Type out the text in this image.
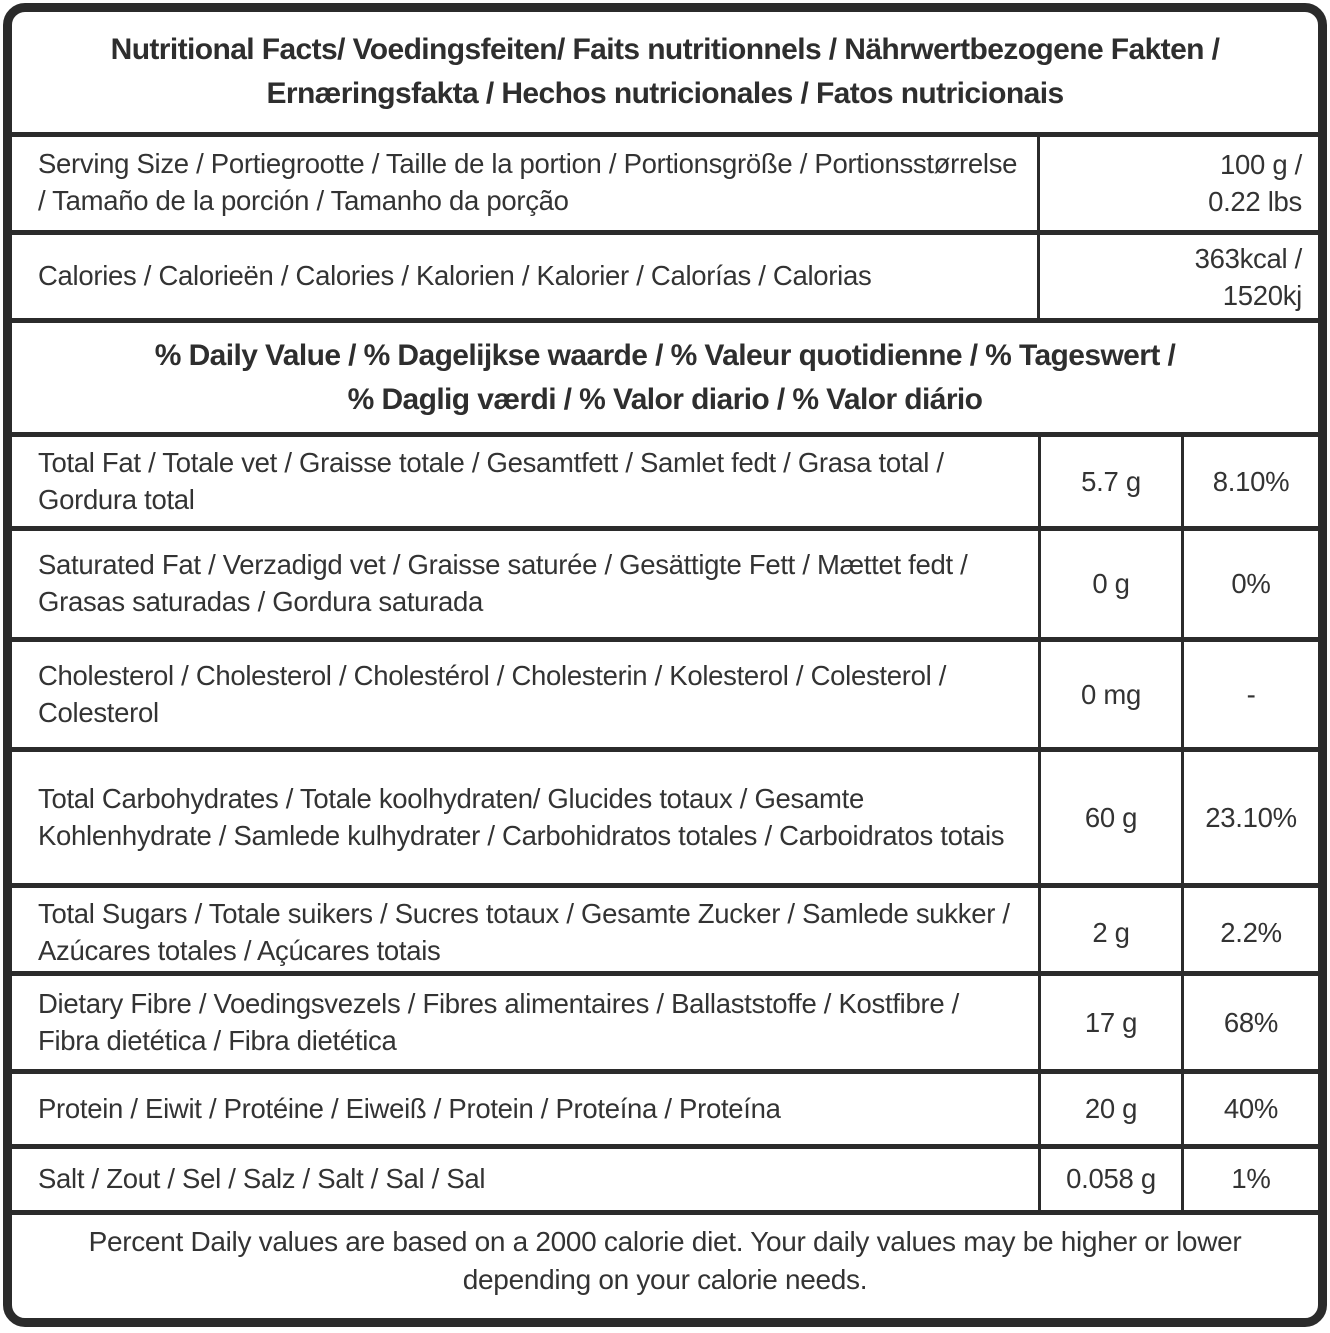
Nutritional Facts/ Voedingsfeiten/ Faits nutritionnels / Nährwertbezogene Fakten /
Ernæringsfakta / Hechos nutricionales / Fatos nutricionais
Serving Size / Portiegrootte / Taille de la portion / Portionsgröße / Portionsstørrelse / Tamaño de la porción / Tamanho da porção
100 g /
0.22 lbs
Calories / Calorieën / Calories / Kalorien / Kalorier / Calorías / Calorias
363kcal /
1520kj
% Daily Value / % Dagelijkse waarde / % Valeur quotidienne / % Tageswert /
% Daglig værdi / % Valor diario / % Valor diário
Total Fat / Totale vet / Graisse totale / Gesamtfett / Samlet fedt / Grasa total / Gordura total
5.7 g	8.10%
Saturated Fat / Verzadigd vet / Graisse saturée / Gesättigte Fett / Mættet fedt / Grasas saturadas / Gordura saturada
0 g	0%
Cholesterol / Cholesterol / Cholestérol / Cholesterin / Kolesterol / Colesterol / Colesterol
0 mg	-
Total Carbohydrates / Totale koolhydraten/ Glucides totaux / Gesamte Kohlenhydrate / Samlede kulhydrater / Carbohidratos totales / Carboidratos totais
60 g	23.10%
Total Sugars / Totale suikers / Sucres totaux / Gesamte Zucker / Samlede sukker / Azúcares totales / Açúcares totais
2 g	2.2%
Dietary Fibre / Voedingsvezels / Fibres alimentaires / Ballaststoffe / Kostfibre / Fibra dietética / Fibra dietética
17 g	68%
Protein / Eiwit / Protéine / Eiweiß / Protein / Proteína / Proteína	20 g	40%
Salt / Zout / Sel / Salz / Salt / Sal / Sal	0.058 g	1%
Percent Daily values are based on a 2000 calorie diet. Your daily values may be higher or lower depending on your calorie needs.
